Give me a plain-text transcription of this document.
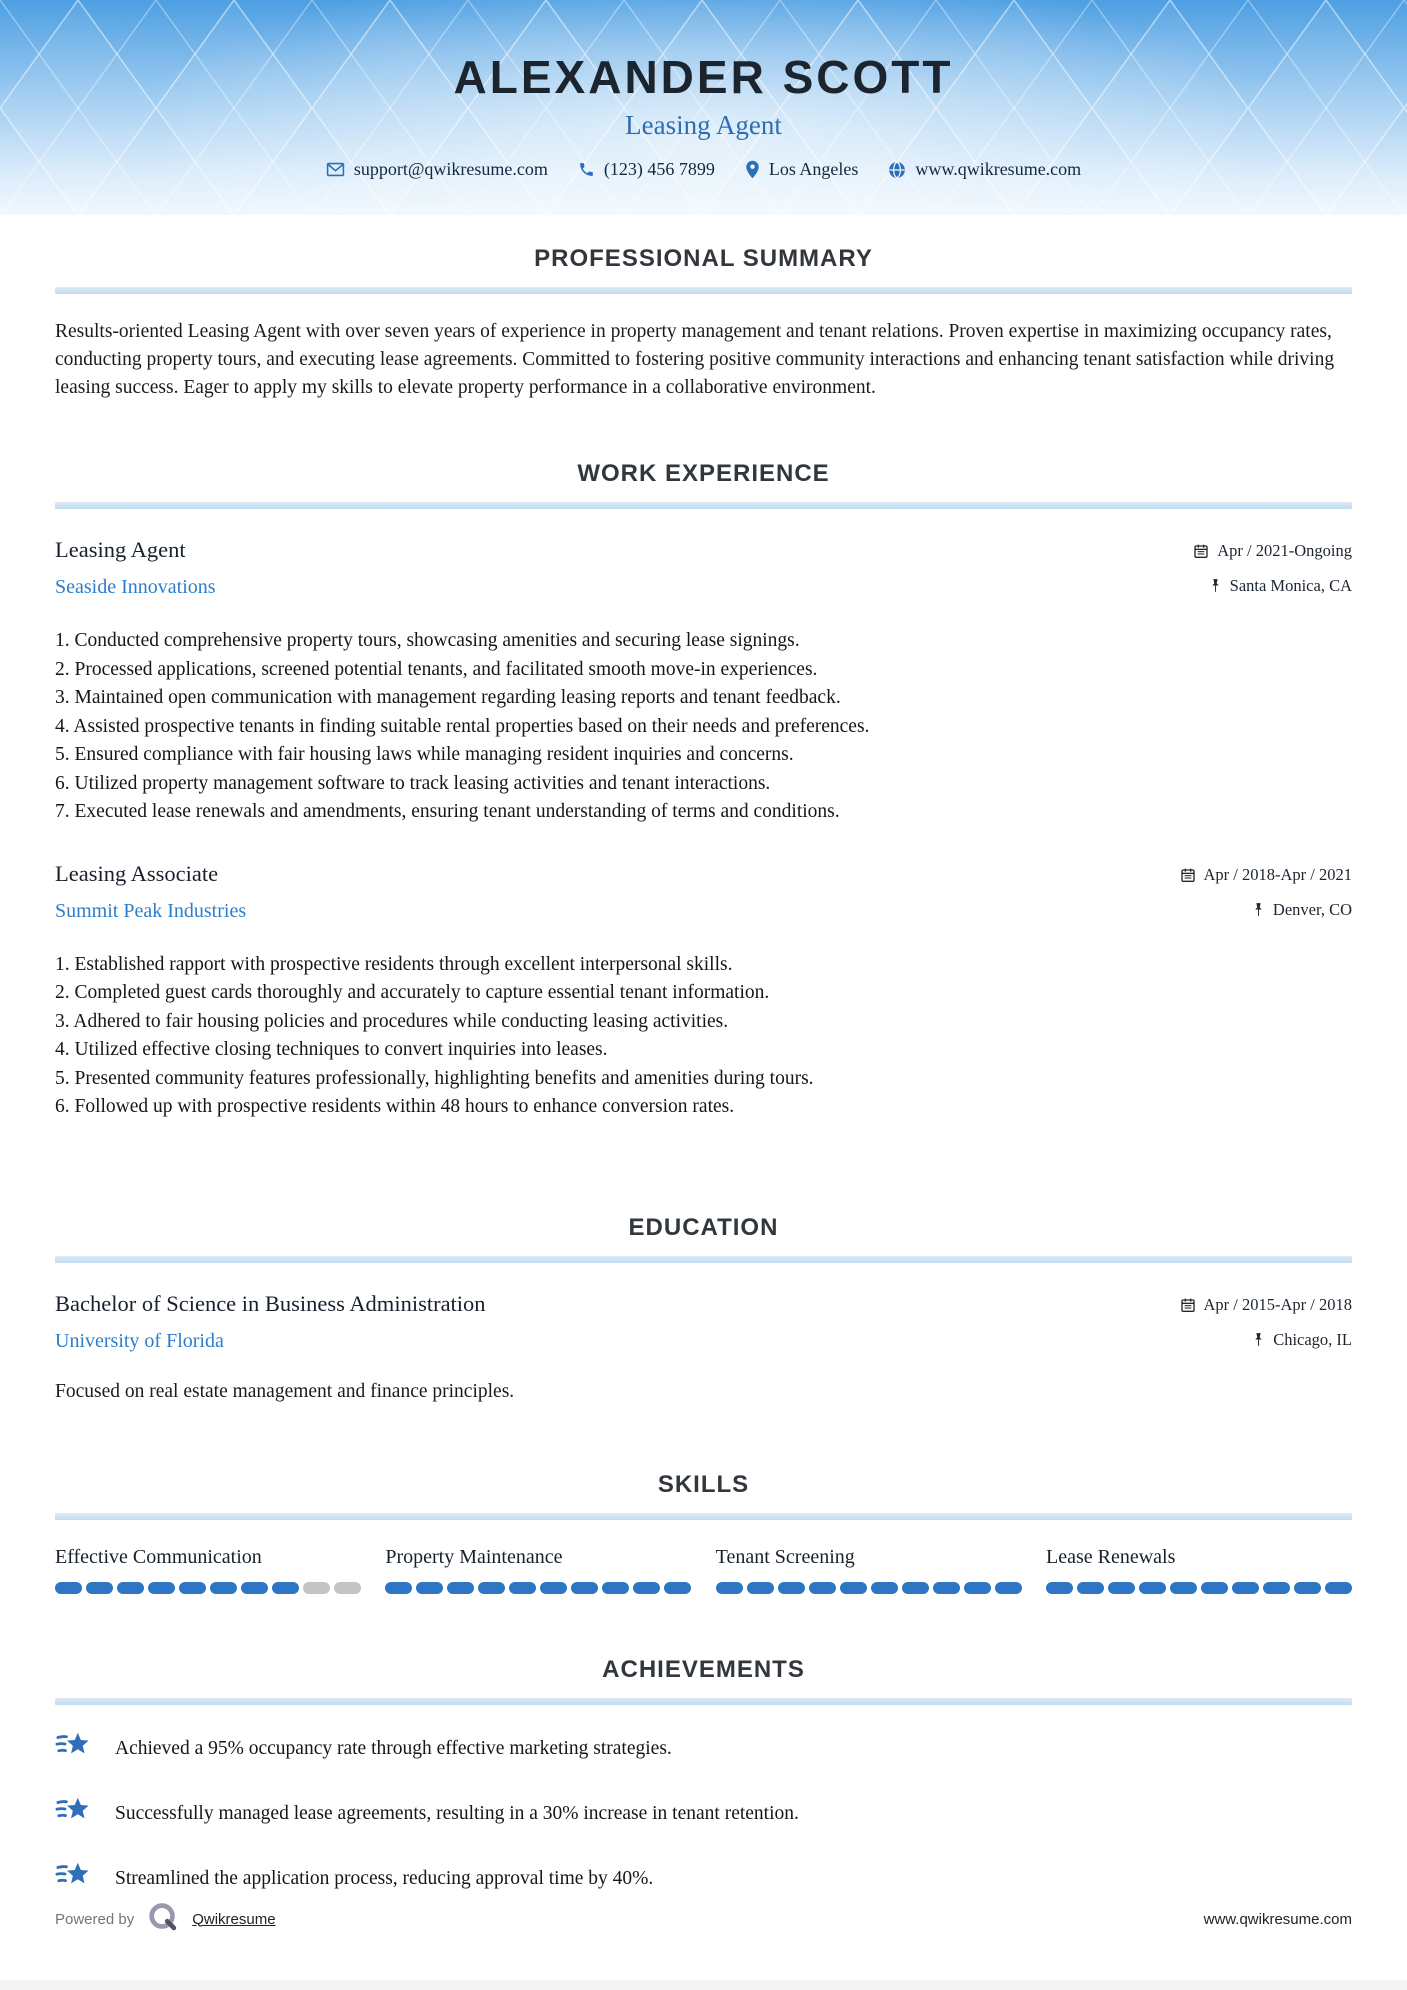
ALEXANDER SCOTT
Leasing Agent
support@qwikresume.com	(123) 456 7899	Los Angeles	www.qwikresume.com
PROFESSIONAL SUMMARY

Results-oriented Leasing Agent with over seven years of experience in property management and tenant relations. Proven expertise in maximizing occupancy rates, conducting property tours, and executing lease agreements. Committed to fostering positive community interactions and enhancing tenant satisfaction while driving leasing success. Eager to apply my skills to elevate property performance in a collaborative environment.

WORK EXPERIENCE
Leasing Agent
Seaside Innovations
Apr / 2021-Ongoing
Santa Monica, CA
1. Conducted comprehensive property tours, showcasing amenities and securing lease signings.
2. Processed applications, screened potential tenants, and facilitated smooth move-in experiences.
3. Maintained open communication with management regarding leasing reports and tenant feedback.
4. Assisted prospective tenants in finding suitable rental properties based on their needs and preferences.
5. Ensured compliance with fair housing laws while managing resident inquiries and concerns.
6. Utilized property management software to track leasing activities and tenant interactions.
7. Executed lease renewals and amendments, ensuring tenant understanding of terms and conditions.
Leasing Associate
Summit Peak Industries
Apr / 2018-Apr / 2021
Denver, CO
1. Established rapport with prospective residents through excellent interpersonal skills.
2. Completed guest cards thoroughly and accurately to capture essential tenant information.
3. Adhered to fair housing policies and procedures while conducting leasing activities.
4. Utilized effective closing techniques to convert inquiries into leases.
5. Presented community features professionally, highlighting benefits and amenities during tours.
6. Followed up with prospective residents within 48 hours to enhance conversion rates.
EDUCATION
Bachelor of Science in Business Administration
University of Florida
Apr / 2015-Apr / 2018
Chicago, IL
Focused on real estate management and finance principles.
SKILLS
Effective Communication	Property Maintenance	Tenant Screening	Lease Renewals
ACHIEVEMENTS
Achieved a 95% occupancy rate through effective marketing strategies.
Successfully managed lease agreements, resulting in a 30% increase in tenant retention.
Streamlined the application process, reducing approval time by 40%.
Powered by	Qwikresume	www.qwikresume.com
